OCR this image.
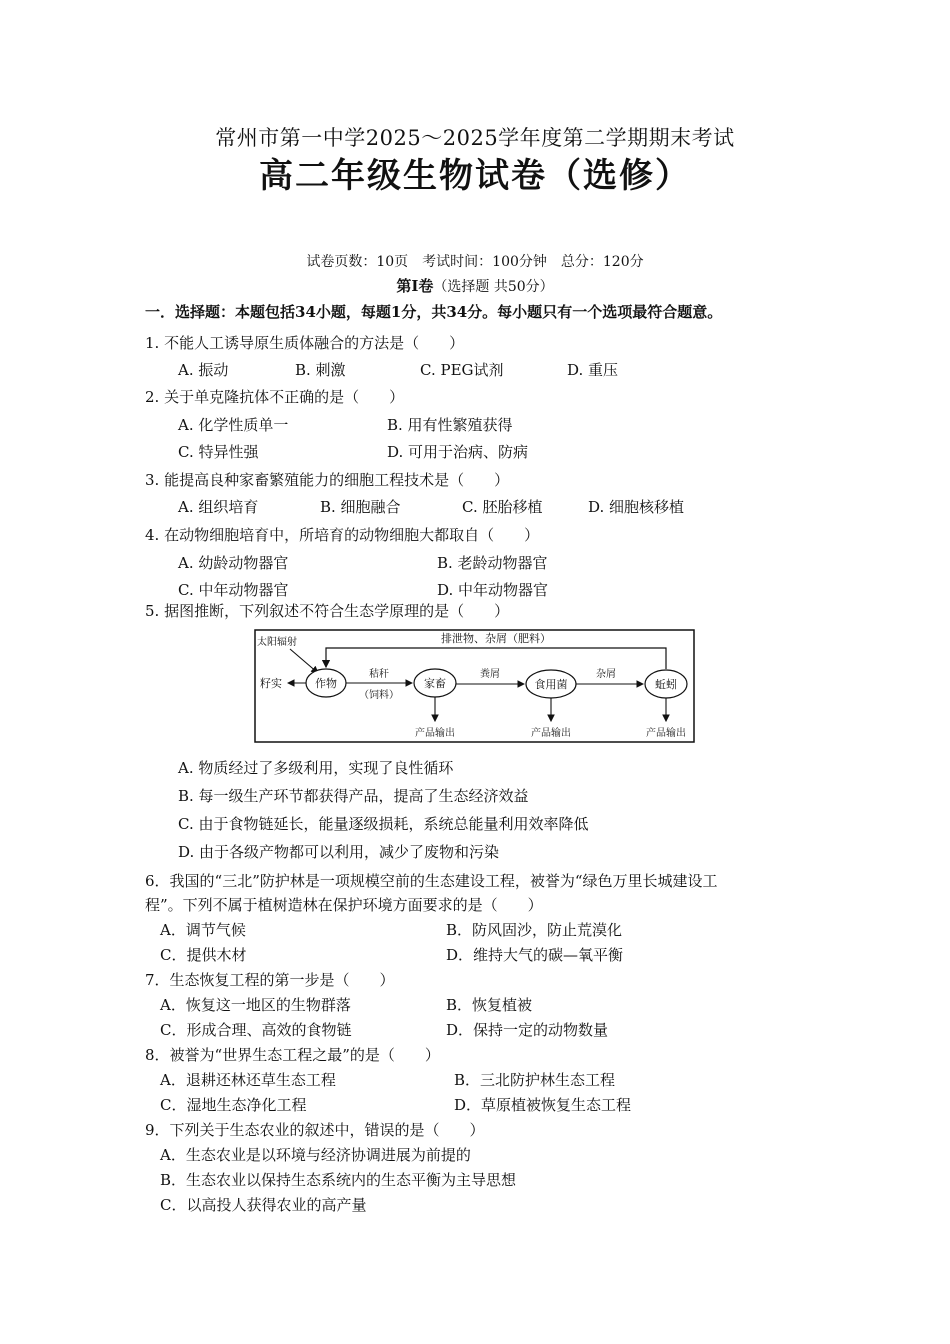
常州市第一中学2025～2025学年度第二学期期末考试
高二年级生物试卷（选修）
试卷页数：10页　考试时间：100分钟　总分：120分
第Ⅰ卷（选择题 共50分）
一．选择题：本题包括34小题，每题1分，共34分。每小题只有一个选项最符合题意。
1. 不能人工诱导原生质体融合的方法是（　　）
A. 振动	B. 刺激	C. PEG试剂	D. 重压
2. 关于单克隆抗体不正确的是（　　）
A. 化学性质单一	B. 用有性繁殖获得
C. 特异性强	D. 可用于治病、防病
3. 能提高良种家畜繁殖能力的细胞工程技术是（　　）
A. 组织培育	B. 细胞融合	C. 胚胎移植	D. 细胞核移植
4. 在动物细胞培育中，所培育的动物细胞大都取自（　　）
A. 幼龄动物器官	B. 老龄动物器官
C. 中年动物器官	D. 中年动物器官
5. 据图推断，下列叙述不符合生态学原理的是（　　）
排泄物、杂屑（肥料）
太阳辐射
作物	家畜	食用菌	蚯蚓
籽实
秸秆
（饲料）
粪屑	杂屑
产品输出	产品输出	产品输出
A. 物质经过了多级利用，实现了良性循环
B. 每一级生产环节都获得产品，提高了生态经济效益
C. 由于食物链延长，能量逐级损耗，系统总能量利用效率降低
D. 由于各级产物都可以利用，减少了废物和污染
6．我国的“三北”防护林是一项规模空前的生态建设工程，被誉为“绿色万里长城建设工
程”。下列不属于植树造林在保护环境方面要求的是（　　）
A．调节气候	B．防风固沙，防止荒漠化
C．提供木材	D．维持大气的碳—氧平衡
7．生态恢复工程的第一步是（　　）
A．恢复这一地区的生物群落	B．恢复植被
C．形成合理、高效的食物链	D．保持一定的动物数量
8．被誉为“世界生态工程之最”的是（　　）
A．退耕还林还草生态工程	B．三北防护林生态工程
C．湿地生态净化工程	D．草原植被恢复生态工程
9．下列关于生态农业的叙述中，错误的是（　　）
A．生态农业是以环境与经济协调进展为前提的
B．生态农业以保持生态系统内的生态平衡为主导思想
C．以高投人获得农业的高产量
